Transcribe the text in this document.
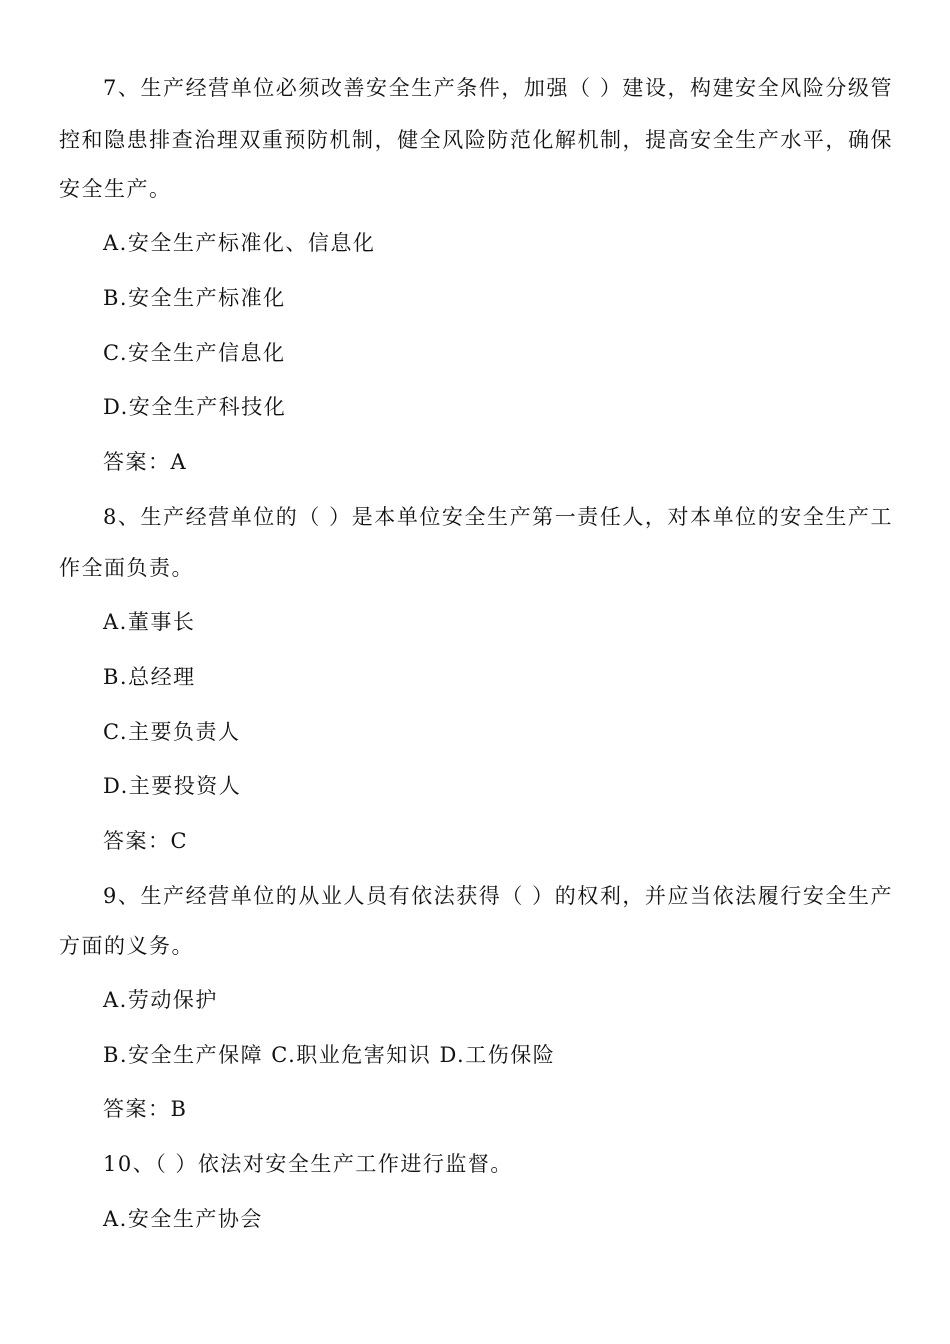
7、生产经营单位必须改善安全生产条件，加强（ ）建设，构建安全风险分级管
控和隐患排查治理双重预防机制，健全风险防范化解机制，提高安全生产水平，确保
安全生产。
A.安全生产标准化、信息化
B.安全生产标准化
C.安全生产信息化
D.安全生产科技化
答案：A
8、生产经营单位的（ ）是本单位安全生产第一责任人，对本单位的安全生产工
作全面负责。
A.董事长
B.总经理
C.主要负责人
D.主要投资人
答案：C
9、生产经营单位的从业人员有依法获得（ ）的权利，并应当依法履行安全生产
方面的义务。
A.劳动保护
B.安全生产保障 C.职业危害知识 D.工伤保险
答案：B
10、（ ）依法对安全生产工作进行监督。
A.安全生产协会
